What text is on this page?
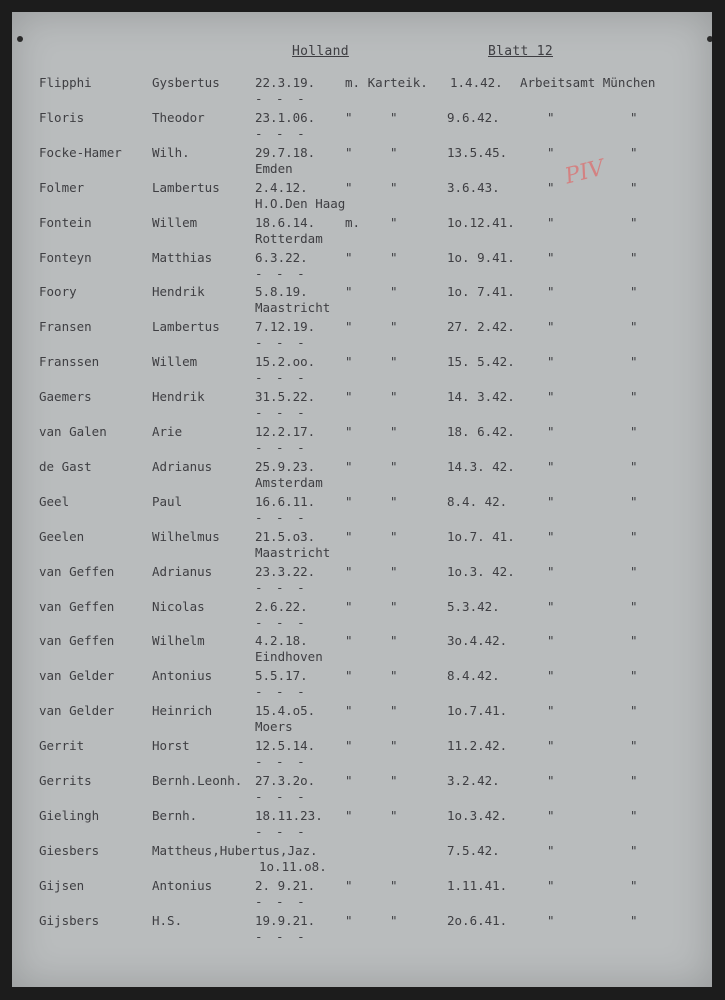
Holland	Blatt 12
PIV
Flipphi	Gysbertus	22.3.19. m. Karteik. 1.4.42. Arbeitsamt München
- - -
Floris	Theodor	23.1.06. "	"	9.6.42.	"	"
- - -
Focke-Hamer Wilh.	29.7.18. "	"	13.5.45.	"	"
Emden
Folmer	Lambertus	2.4.12.	"	"	3.6.43.	"	"
H.O.Den Haag
Fontein	Willem	18.6.14. m. "	1o.12.41.	"	"
Rotterdam
Fonteyn	Matthias	6.3.22.	"	"	1o. 9.41.	"	"
- - -
Foory	Hendrik	5.8.19.	"	"	1o. 7.41.	"	"
Maastricht
Fransen	Lambertus	7.12.19. "	"	27. 2.42.	"	"
- - -
Franssen	Willem	15.2.oo. "	"	15. 5.42.	"	"
- - -
Gaemers	Hendrik	31.5.22. "	"	14. 3.42.	"	"
- - -
van Galen	Arie	12.2.17. "	"	18. 6.42.	"	"
- - -
de Gast	Adrianus	25.9.23. "	"	14.3. 42.	"	"
Amsterdam
Geel	Paul	16.6.11. "	"	8.4. 42.	"	"
- - -
Geelen	Wilhelmus	21.5.o3. "	"	1o.7. 41.	"	"
Maastricht
van Geffen	Adrianus	23.3.22. "	"	1o.3. 42.	"	"
- - -
van Geffen	Nicolas	2.6.22.	"	"	5.3.42.	"	"
- - -
van Geffen	Wilhelm	4.2.18.	"	"	3o.4.42.	"	"
Eindhoven
van Gelder	Antonius	5.5.17.	"	"	8.4.42.	"	"
- - -
van Gelder	Heinrich	15.4.o5. "	"	1o.7.41.	"	"
Moers
Gerrit	Horst	12.5.14. "	"	11.2.42.	"	"
- - -
Gerrits	Bernh.Leonh. 27.3.2o. "	"	3.2.42.	"	"
- - -
Gielingh	Bernh.	18.11.23. "	"	1o.3.42.	"	"
- - -
Giesbers	Mattheus,Hubertus,Jaz.	7.5.42.	"	"
1o.11.o8.
Gijsen	Antonius	2. 9.21. "	"	1.11.41.	"	"
- - -
Gijsbers	H.S.	19.9.21. "	"	2o.6.41.	"	"
- - -
